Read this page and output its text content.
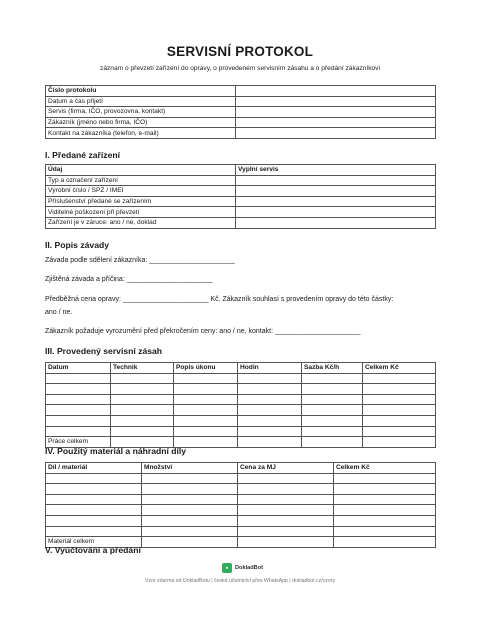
SERVISNÍ PROTOKOL
záznam o převzetí zařízení do opravy, o provedeném servisním zásahu a o předání zákazníkovi
Číslo protokolu	
Datum a čas přijetí	
Servis (firma, IČO, provozovna, kontakt)	
Zákazník (jméno nebo firma, IČO)	
Kontakt na zákazníka (telefon, e-mail)	
I. Předané zařízení
Údaj	Vyplní servis
Typ a označení zařízení	
Výrobní číslo / SPZ / IMEI	
Příslušenství předané se zařízením	
Viditelné poškození při převzetí	
Zařízení je v záruce: ano / ne, doklad	
II. Popis závady
Závada podle sdělení zákazníka: ______________________
Zjištěná závada a příčina: ______________________
Předběžná cena opravy: ______________________ Kč. Zákazník souhlasí s provedením opravy do této částky:
ano / ne.
Zákazník požaduje vyrozumění před překročením ceny: ano / ne, kontakt: ______________________
III. Provedený servisní zásah
Datum	Technik	Popis úkonu	Hodin	Sazba Kč/h	Celkem Kč

Práce celkem					
IV. Použitý materiál a náhradní díly
Díl / materiál	Množství	Cena za MJ	Celkem Kč

Materiál celkem			
V. Vyúčtování a předání
▪	DokladBot
Vzor zdarma od DokladBotu | české účetnictví přes WhatsApp | dokladbot.cz/vzory
